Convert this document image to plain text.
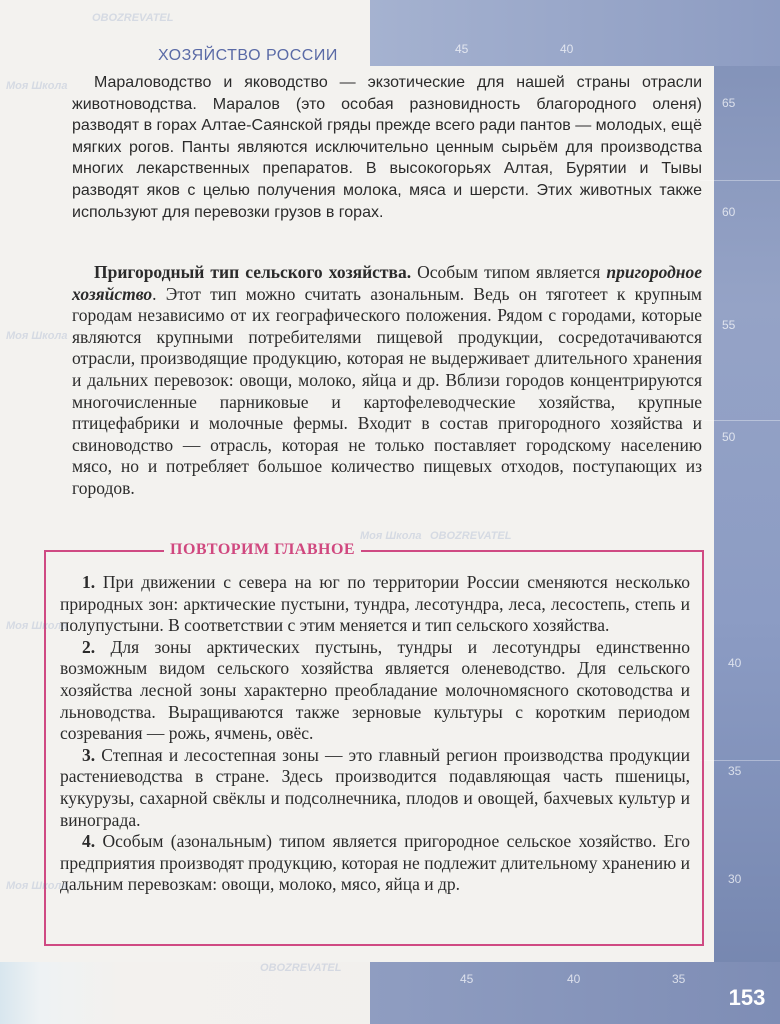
45	40
65
60
55
50
40
35
30
45	40	35
ХОЗЯЙСТВО РОССИИ

Мараловодство и яководство — экзотические для нашей страны отрасли животноводства. Маралов (это особая разновидность благородного оленя) разводят в горах Алтае-Саянской гряды прежде всего ради пантов — молодых, ещё мягких рогов. Панты являются исключительно ценным сырьём для производства многих лекарственных препаратов. В высокогорьях Алтая, Бурятии и Тывы разводят яков с целью получения молока, мяса и шерсти. Этих животных также используют для перевозки грузов в горах.

Пригородный тип сельского хозяйства. Особым типом является пригородное хозяйство. Этот тип можно считать азональным. Ведь он тяготеет к крупным городам независимо от их географического положения. Рядом с городами, которые являются крупными потребителями пищевой продукции, сосредотачиваются отрасли, производящие продукцию, которая не выдерживает длительного хранения и дальних перевозок: овощи, молоко, яйца и др. Вблизи городов концентрируются многочисленные парниковые и картофелеводческие хозяйства, крупные птицефабрики и молочные фермы. Входит в состав пригородного хозяйства и свиноводство — отрасль, которая не только поставляет городскому населению мясо, но и потребляет большое количество пищевых отходов, поступающих из городов.

ПОВТОРИМ ГЛАВНОЕ

1. При движении с севера на юг по территории России сменяются несколько природных зон: арктические пустыни, тундра, лесотундра, леса, лесостепь, степь и полупустыни. В соответствии с этим меняется и тип сельского хозяйства.

2. Для зоны арктических пустынь, тундры и лесотундры единственно возможным видом сельского хозяйства является оленеводство. Для сельского хозяйства лесной зоны характерно преобладание молочномясного скотоводства и льноводства. Выращиваются также зерновые культуры с коротким периодом созревания — рожь, ячмень, овёс.

3. Степная и лесостепная зоны — это главный регион производства продукции растениеводства в стране. Здесь производится подавляющая часть пшеницы, кукурузы, сахарной свёклы и подсолнечника, плодов и овощей, бахчевых культур и винограда.

4. Особым (азональным) типом является пригородное сельское хозяйство. Его предприятия производят продукцию, которая не подлежит длительному хранению и дальним перевозкам: овощи, молоко, мясо, яйца и др.

153
Моя Школа
OBOZREVATEL
Моя Школа
Моя Школа
Моя Школа OBOZREVATEL
Моя Школа
OBOZREVATEL
